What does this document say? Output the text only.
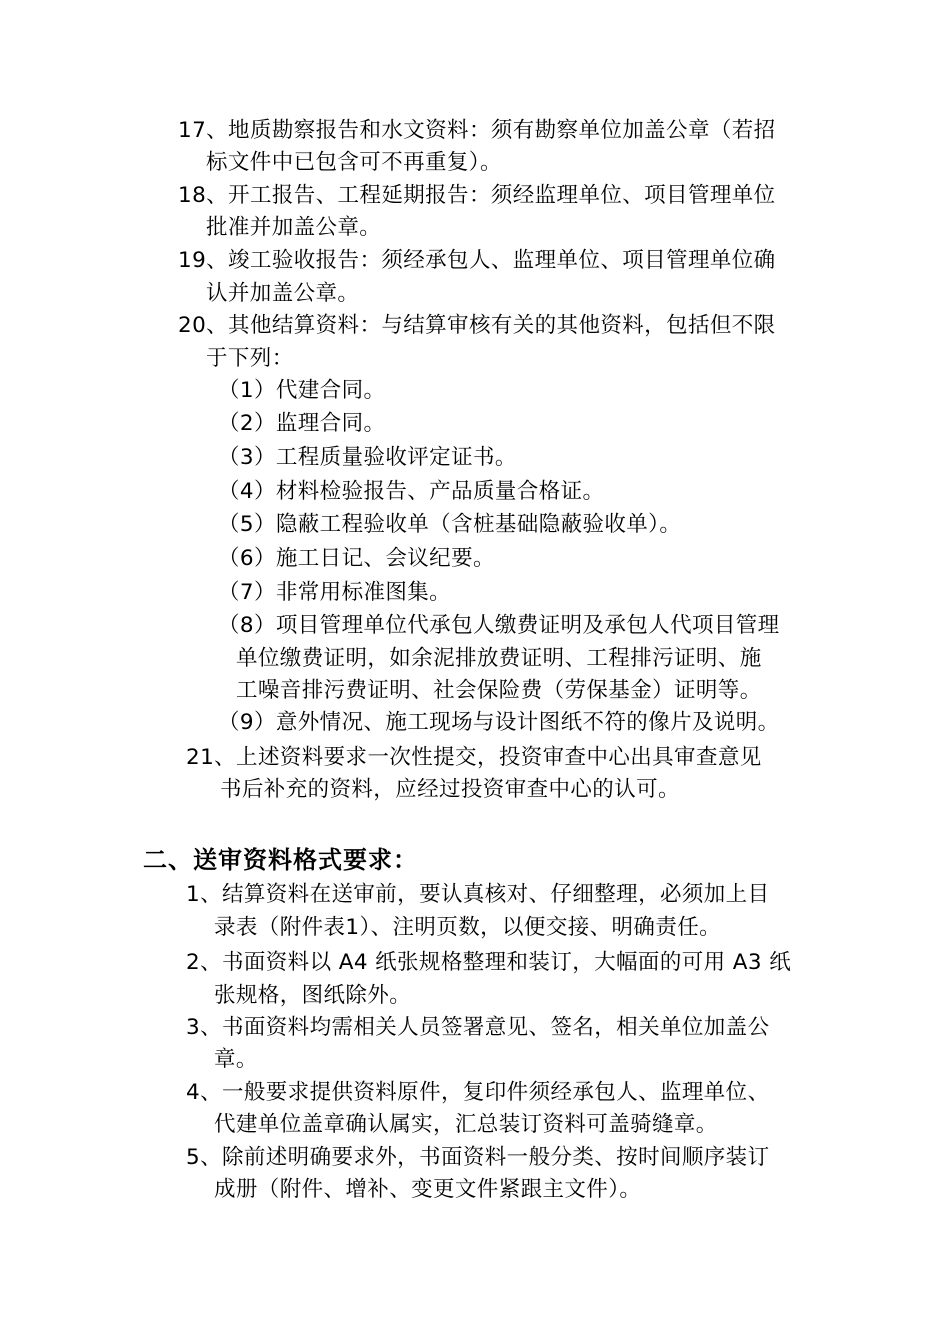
17、地质勘察报告和水文资料：须有勘察单位加盖公章（若招
标文件中已包含可不再重复）。
18、开工报告、工程延期报告：须经监理单位、项目管理单位
批准并加盖公章。
19、竣工验收报告：须经承包人、监理单位、项目管理单位确
认并加盖公章。
20、其他结算资料：与结算审核有关的其他资料，包括但不限
于下列：
（1）代建合同。
（2）监理合同。
（3）工程质量验收评定证书。
（4）材料检验报告、产品质量合格证。
（5）隐蔽工程验收单（含桩基础隐蔽验收单）。
（6）施工日记、会议纪要。
（7）非常用标准图集。
（8）项目管理单位代承包人缴费证明及承包人代项目管理
单位缴费证明，如余泥排放费证明、工程排污证明、施
工噪音排污费证明、社会保险费（劳保基金）证明等。
（9）意外情况、施工现场与设计图纸不符的像片及说明。
21、上述资料要求一次性提交，投资审查中心出具审查意见
书后补充的资料，应经过投资审查中心的认可。
二、送审资料格式要求：
1、结算资料在送审前，要认真核对、仔细整理，必须加上目
录表（附件表1）、注明页数，以便交接、明确责任。
2、书面资料以 A4 纸张规格整理和装订，大幅面的可用 A3 纸
张规格，图纸除外。
3、书面资料均需相关人员签署意见、签名，相关单位加盖公
章。
4、一般要求提供资料原件，复印件须经承包人、监理单位、
代建单位盖章确认属实，汇总装订资料可盖骑缝章。
5、除前述明确要求外，书面资料一般分类、按时间顺序装订
成册（附件、增补、变更文件紧跟主文件）。
